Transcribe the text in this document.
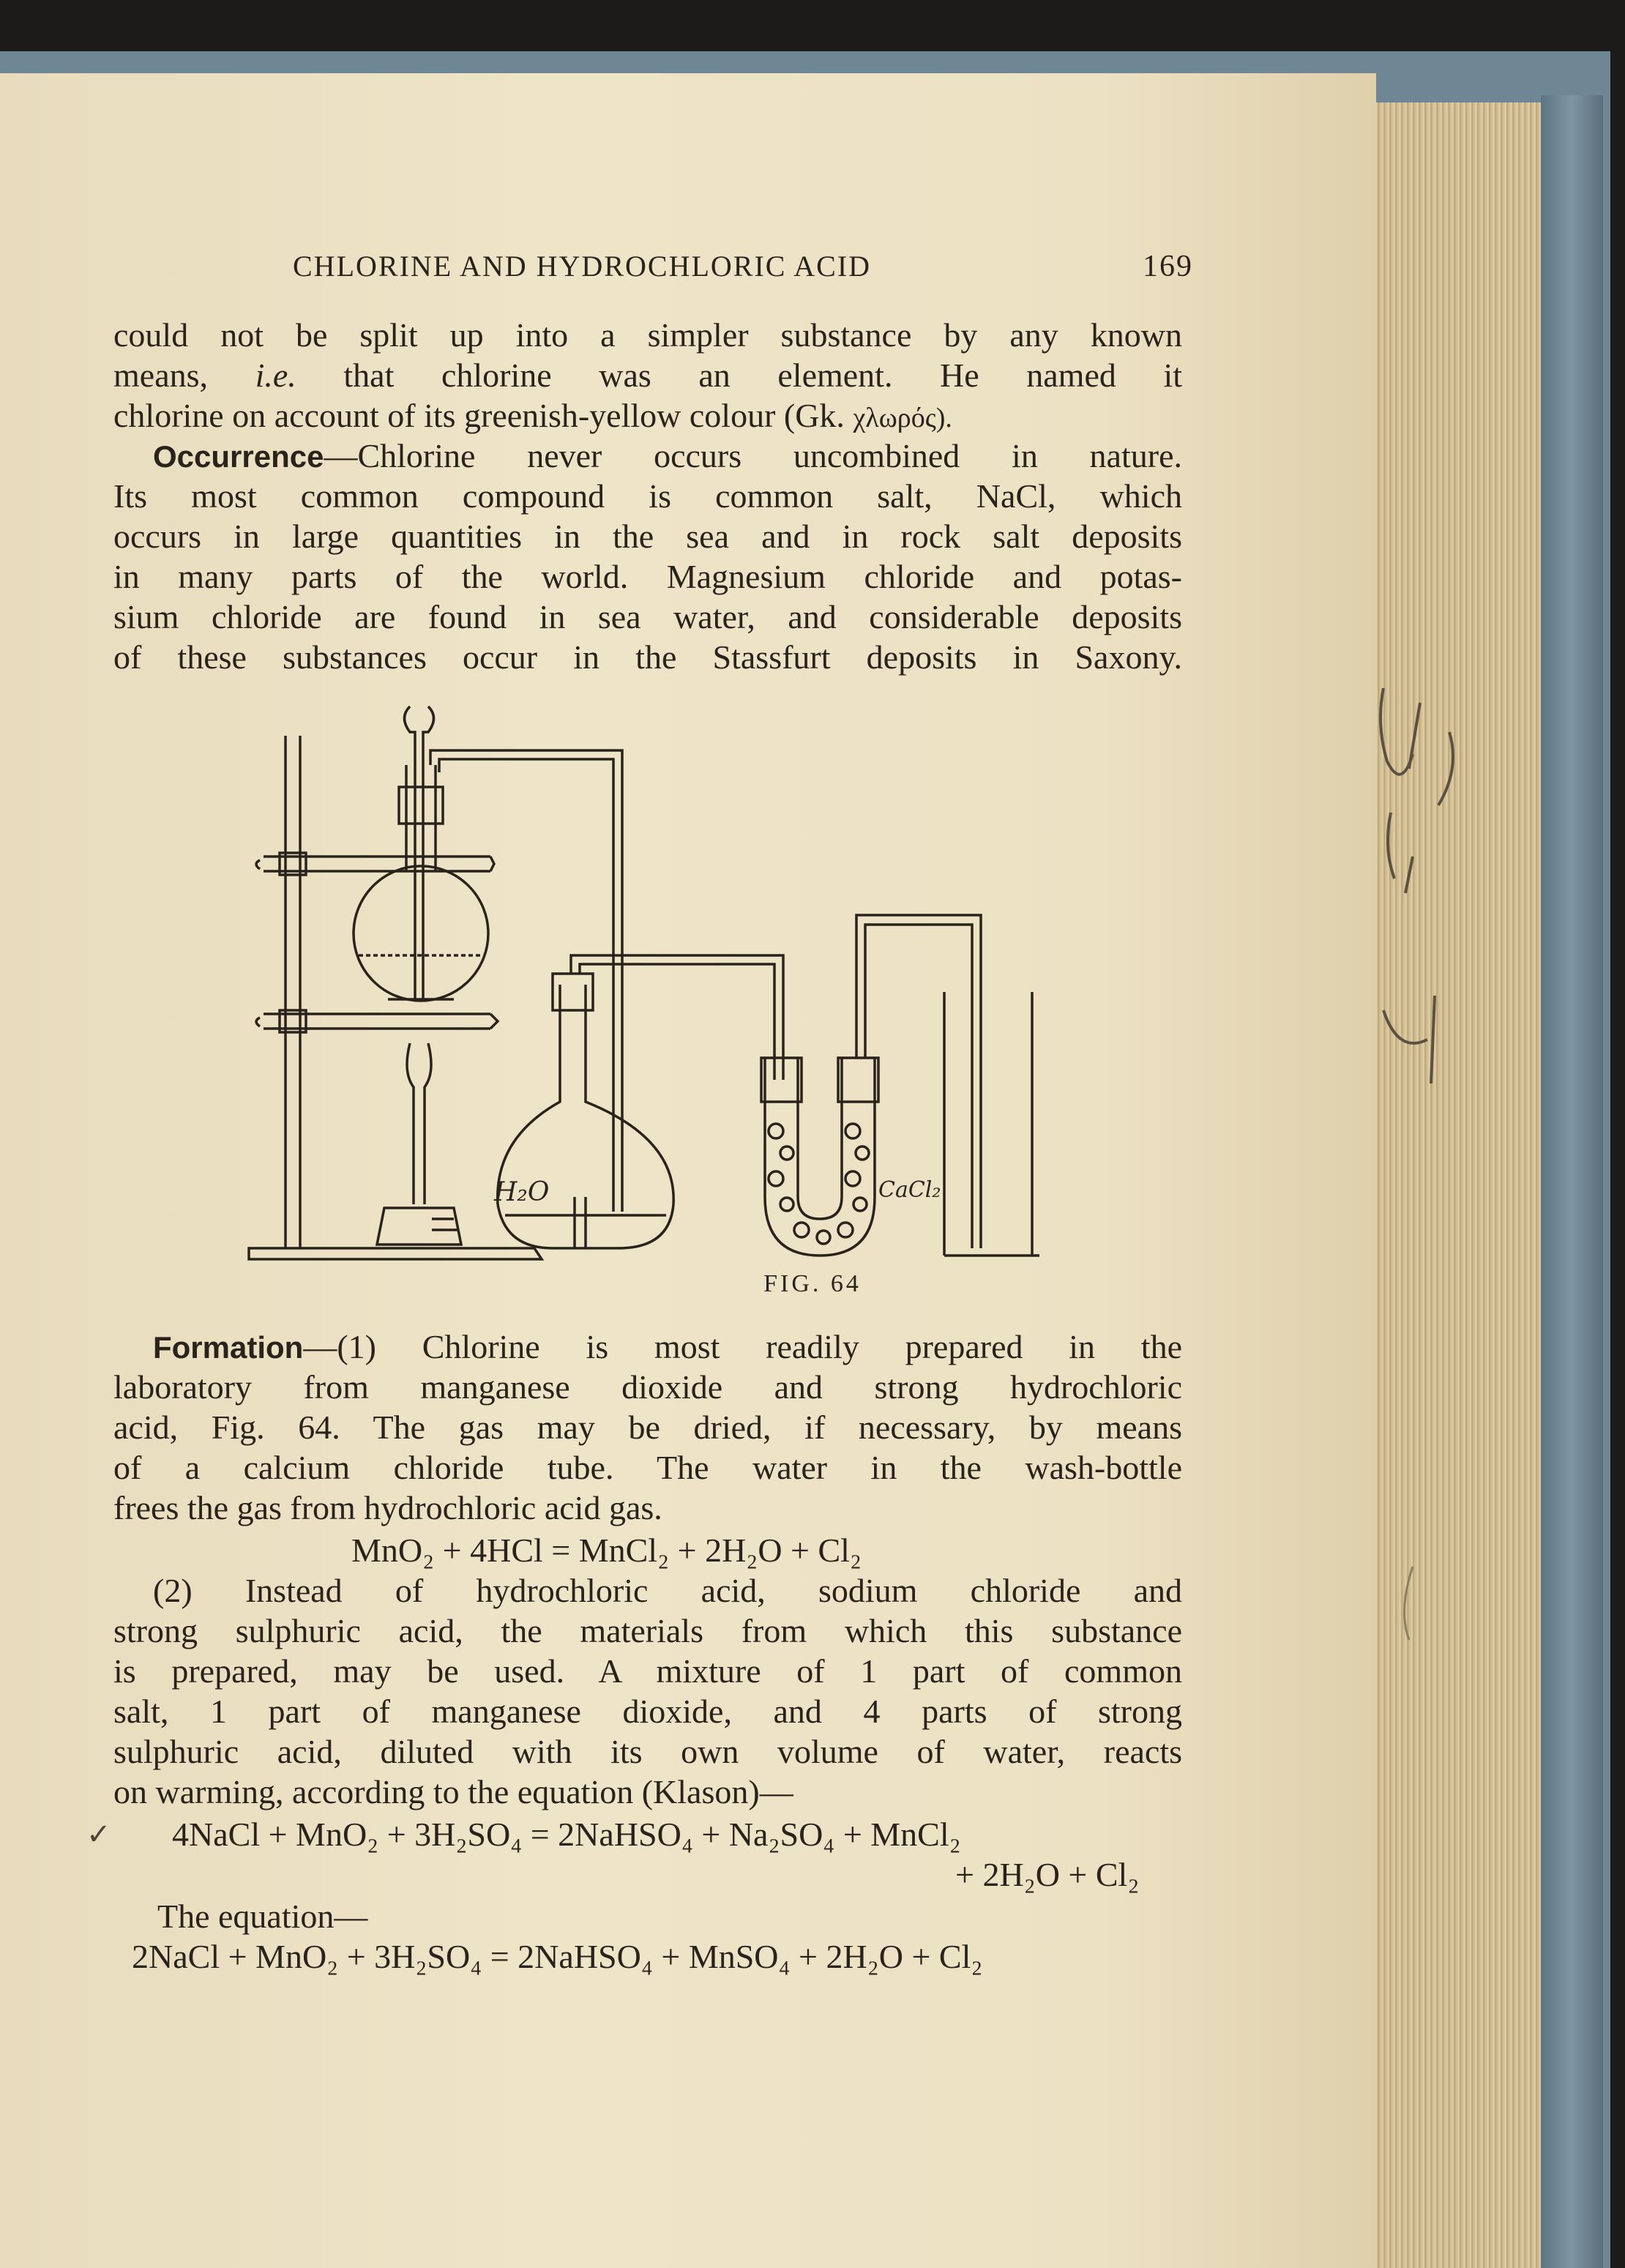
CHLORINE AND HYDROCHLORIC ACID	169
could not be split up into a simpler substance by any known
means, i.e. that chlorine was an element. He named it
chlorine on account of its greenish-yellow colour (Gk. χλωρός).
Occurrence—Chlorine never occurs uncombined in nature.
Its most common compound is common salt, NaCl, which
occurs in large quantities in the sea and in rock salt deposits
in many parts of the world. Magnesium chloride and potas-
sium chloride are found in sea water, and considerable deposits
of these substances occur in the Stassfurt deposits in Saxony.
H₂O	CaCl₂
FIG. 64
Formation—(1) Chlorine is most readily prepared in the
laboratory from manganese dioxide and strong hydrochloric
acid, Fig. 64. The gas may be dried, if necessary, by means
of a calcium chloride tube. The water in the wash-bottle
frees the gas from hydrochloric acid gas.
MnO₂ + 4HCl = MnCl₂ + 2H₂O + Cl₂
(2) Instead of hydrochloric acid, sodium chloride and
strong sulphuric acid, the materials from which this substance
is prepared, may be used. A mixture of 1 part of common
salt, 1 part of manganese dioxide, and 4 parts of strong
sulphuric acid, diluted with its own volume of water, reacts
on warming, according to the equation (Klason)—
✓ 4NaCl + MnO₂ + 3H₂SO₄ = 2NaHSO₄ + Na₂SO₄ + MnCl₂
+ 2H₂O + Cl₂
The equation—
2NaCl + MnO₂ + 3H₂SO₄ = 2NaHSO₄ + MnSO₄ + 2H₂O + Cl₂
